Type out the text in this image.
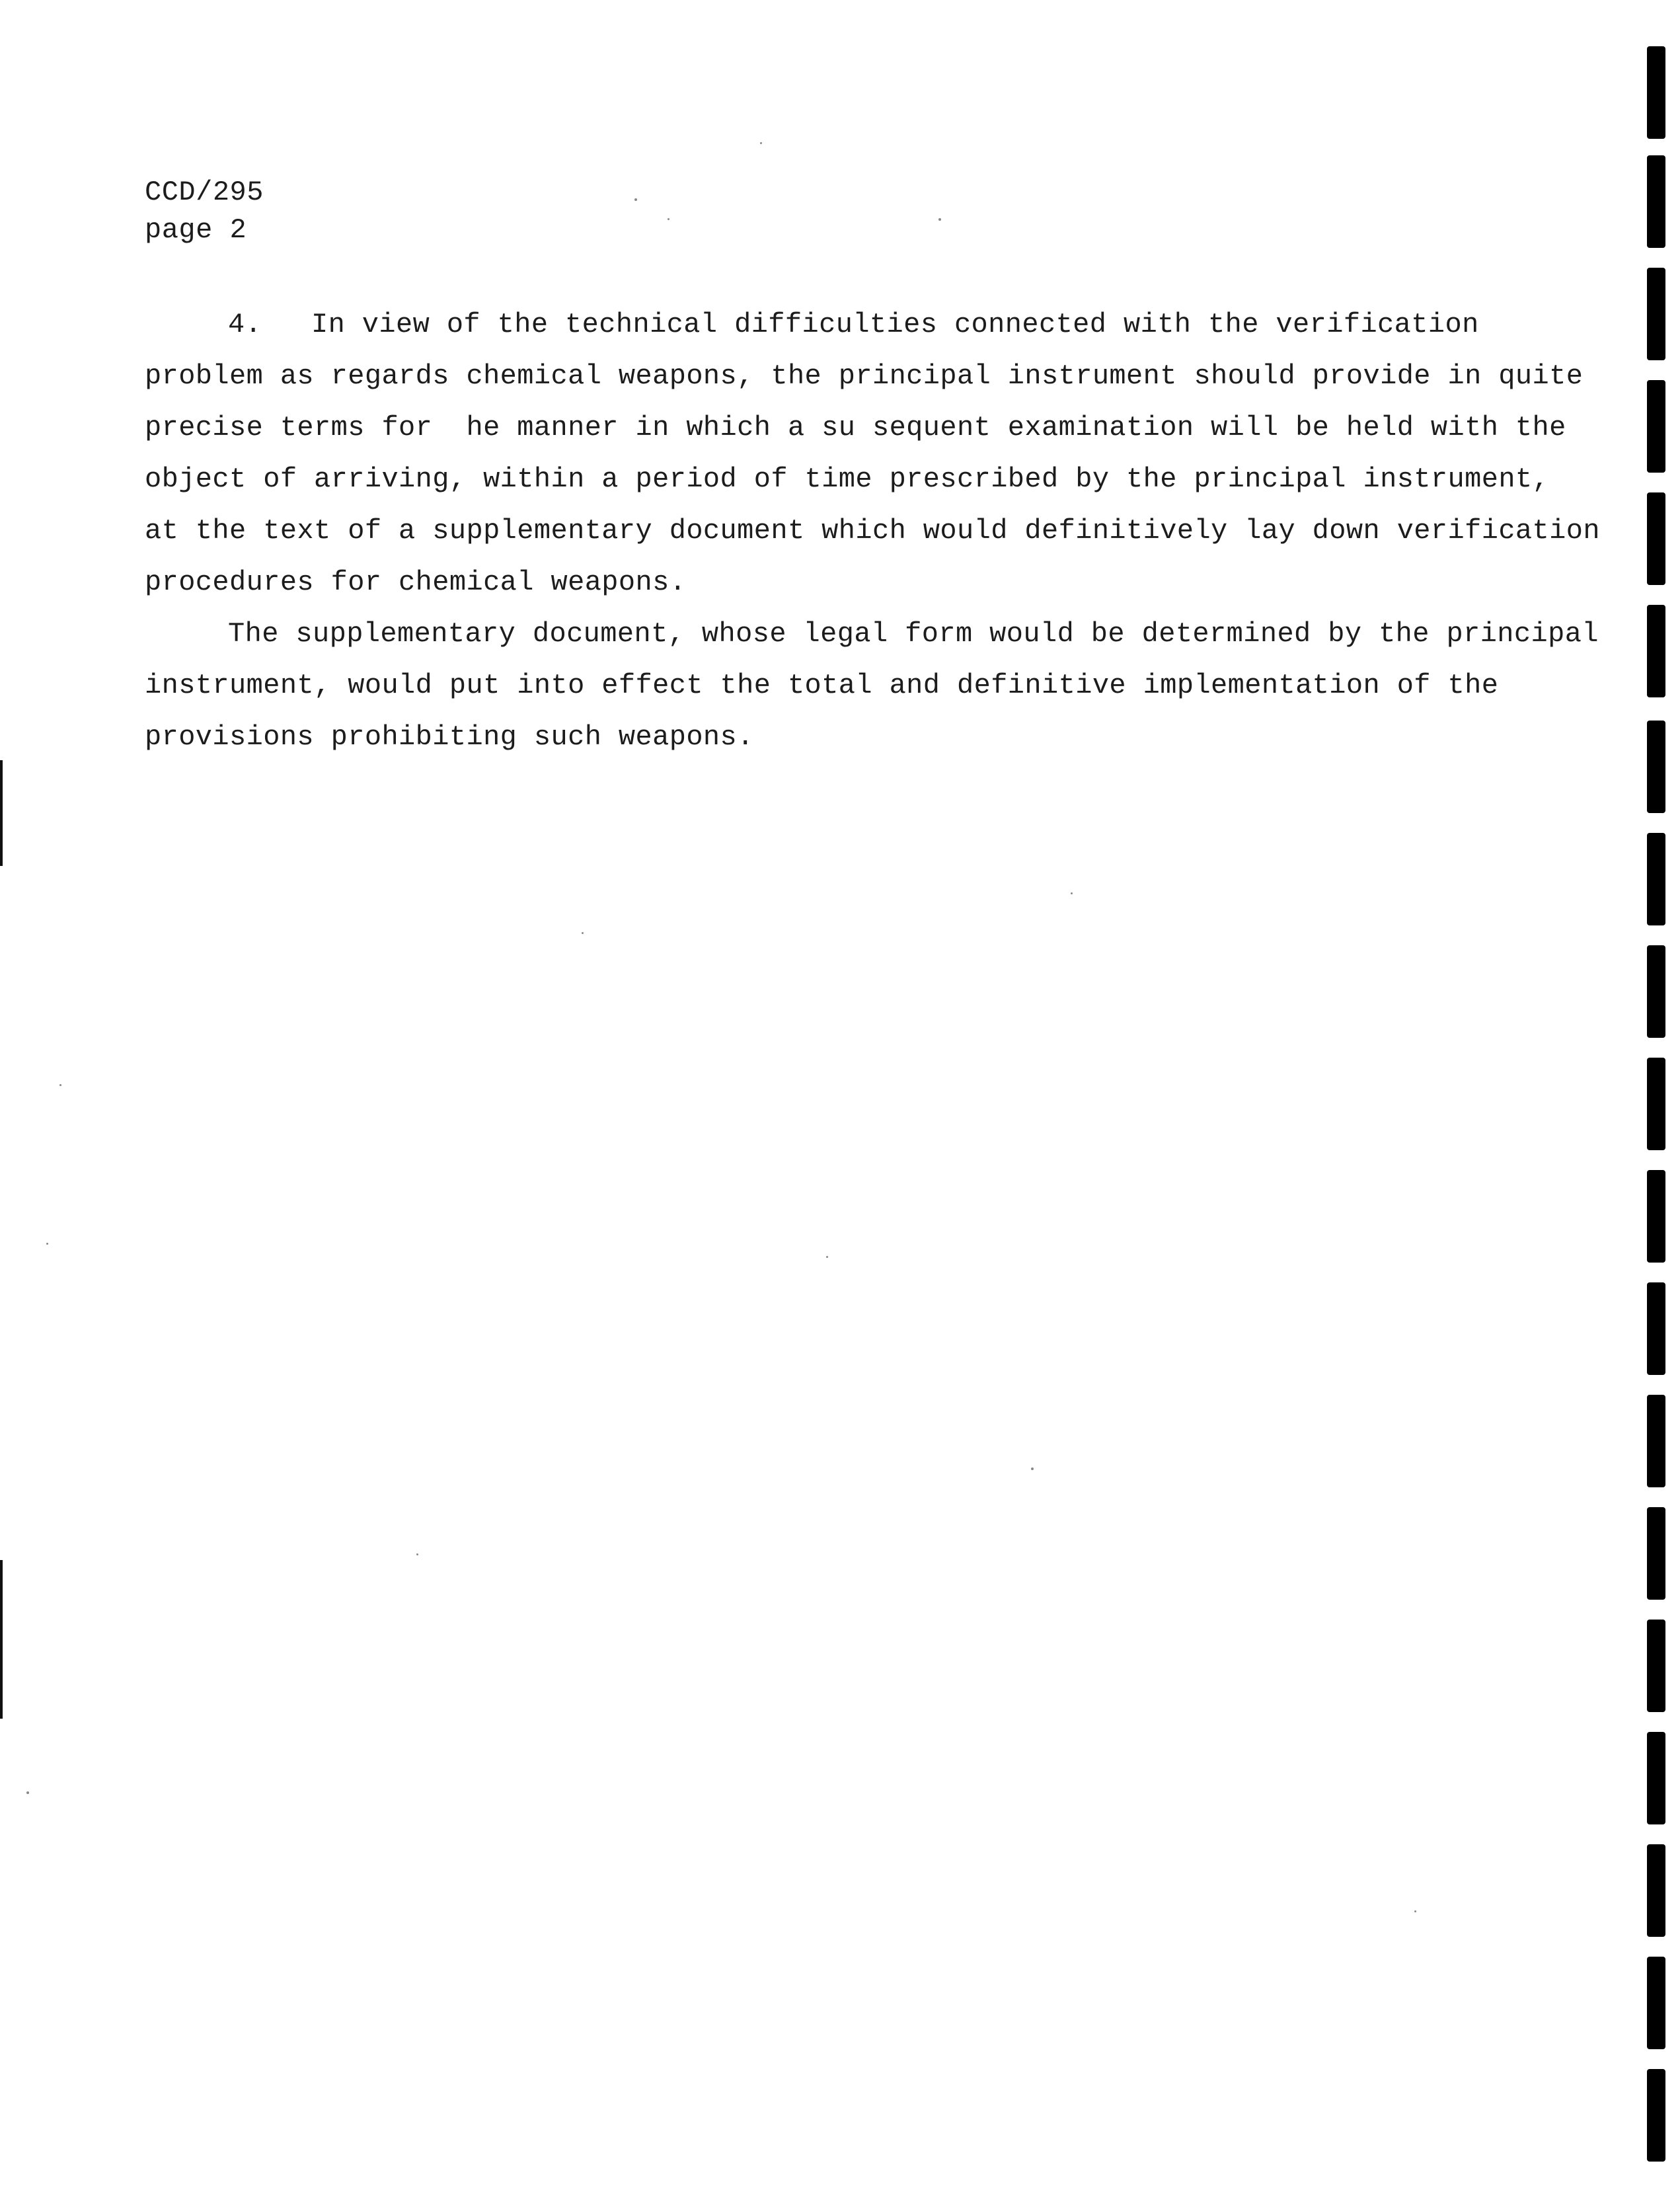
CCD/295
page 2
4. In view of the technical difficulties connected with the verification
problem as regards chemical weapons, the principal instrument should provide in quite
precise terms for  he manner in which a su sequent examination will be held with the
object of arriving, within a period of time prescribed by the principal instrument,
at the text of a supplementary document which would definitively lay down verification
procedures for chemical weapons.
The supplementary document, whose legal form would be determined by the principal
instrument, would put into effect the total and definitive implementation of the
provisions prohibiting such weapons.
